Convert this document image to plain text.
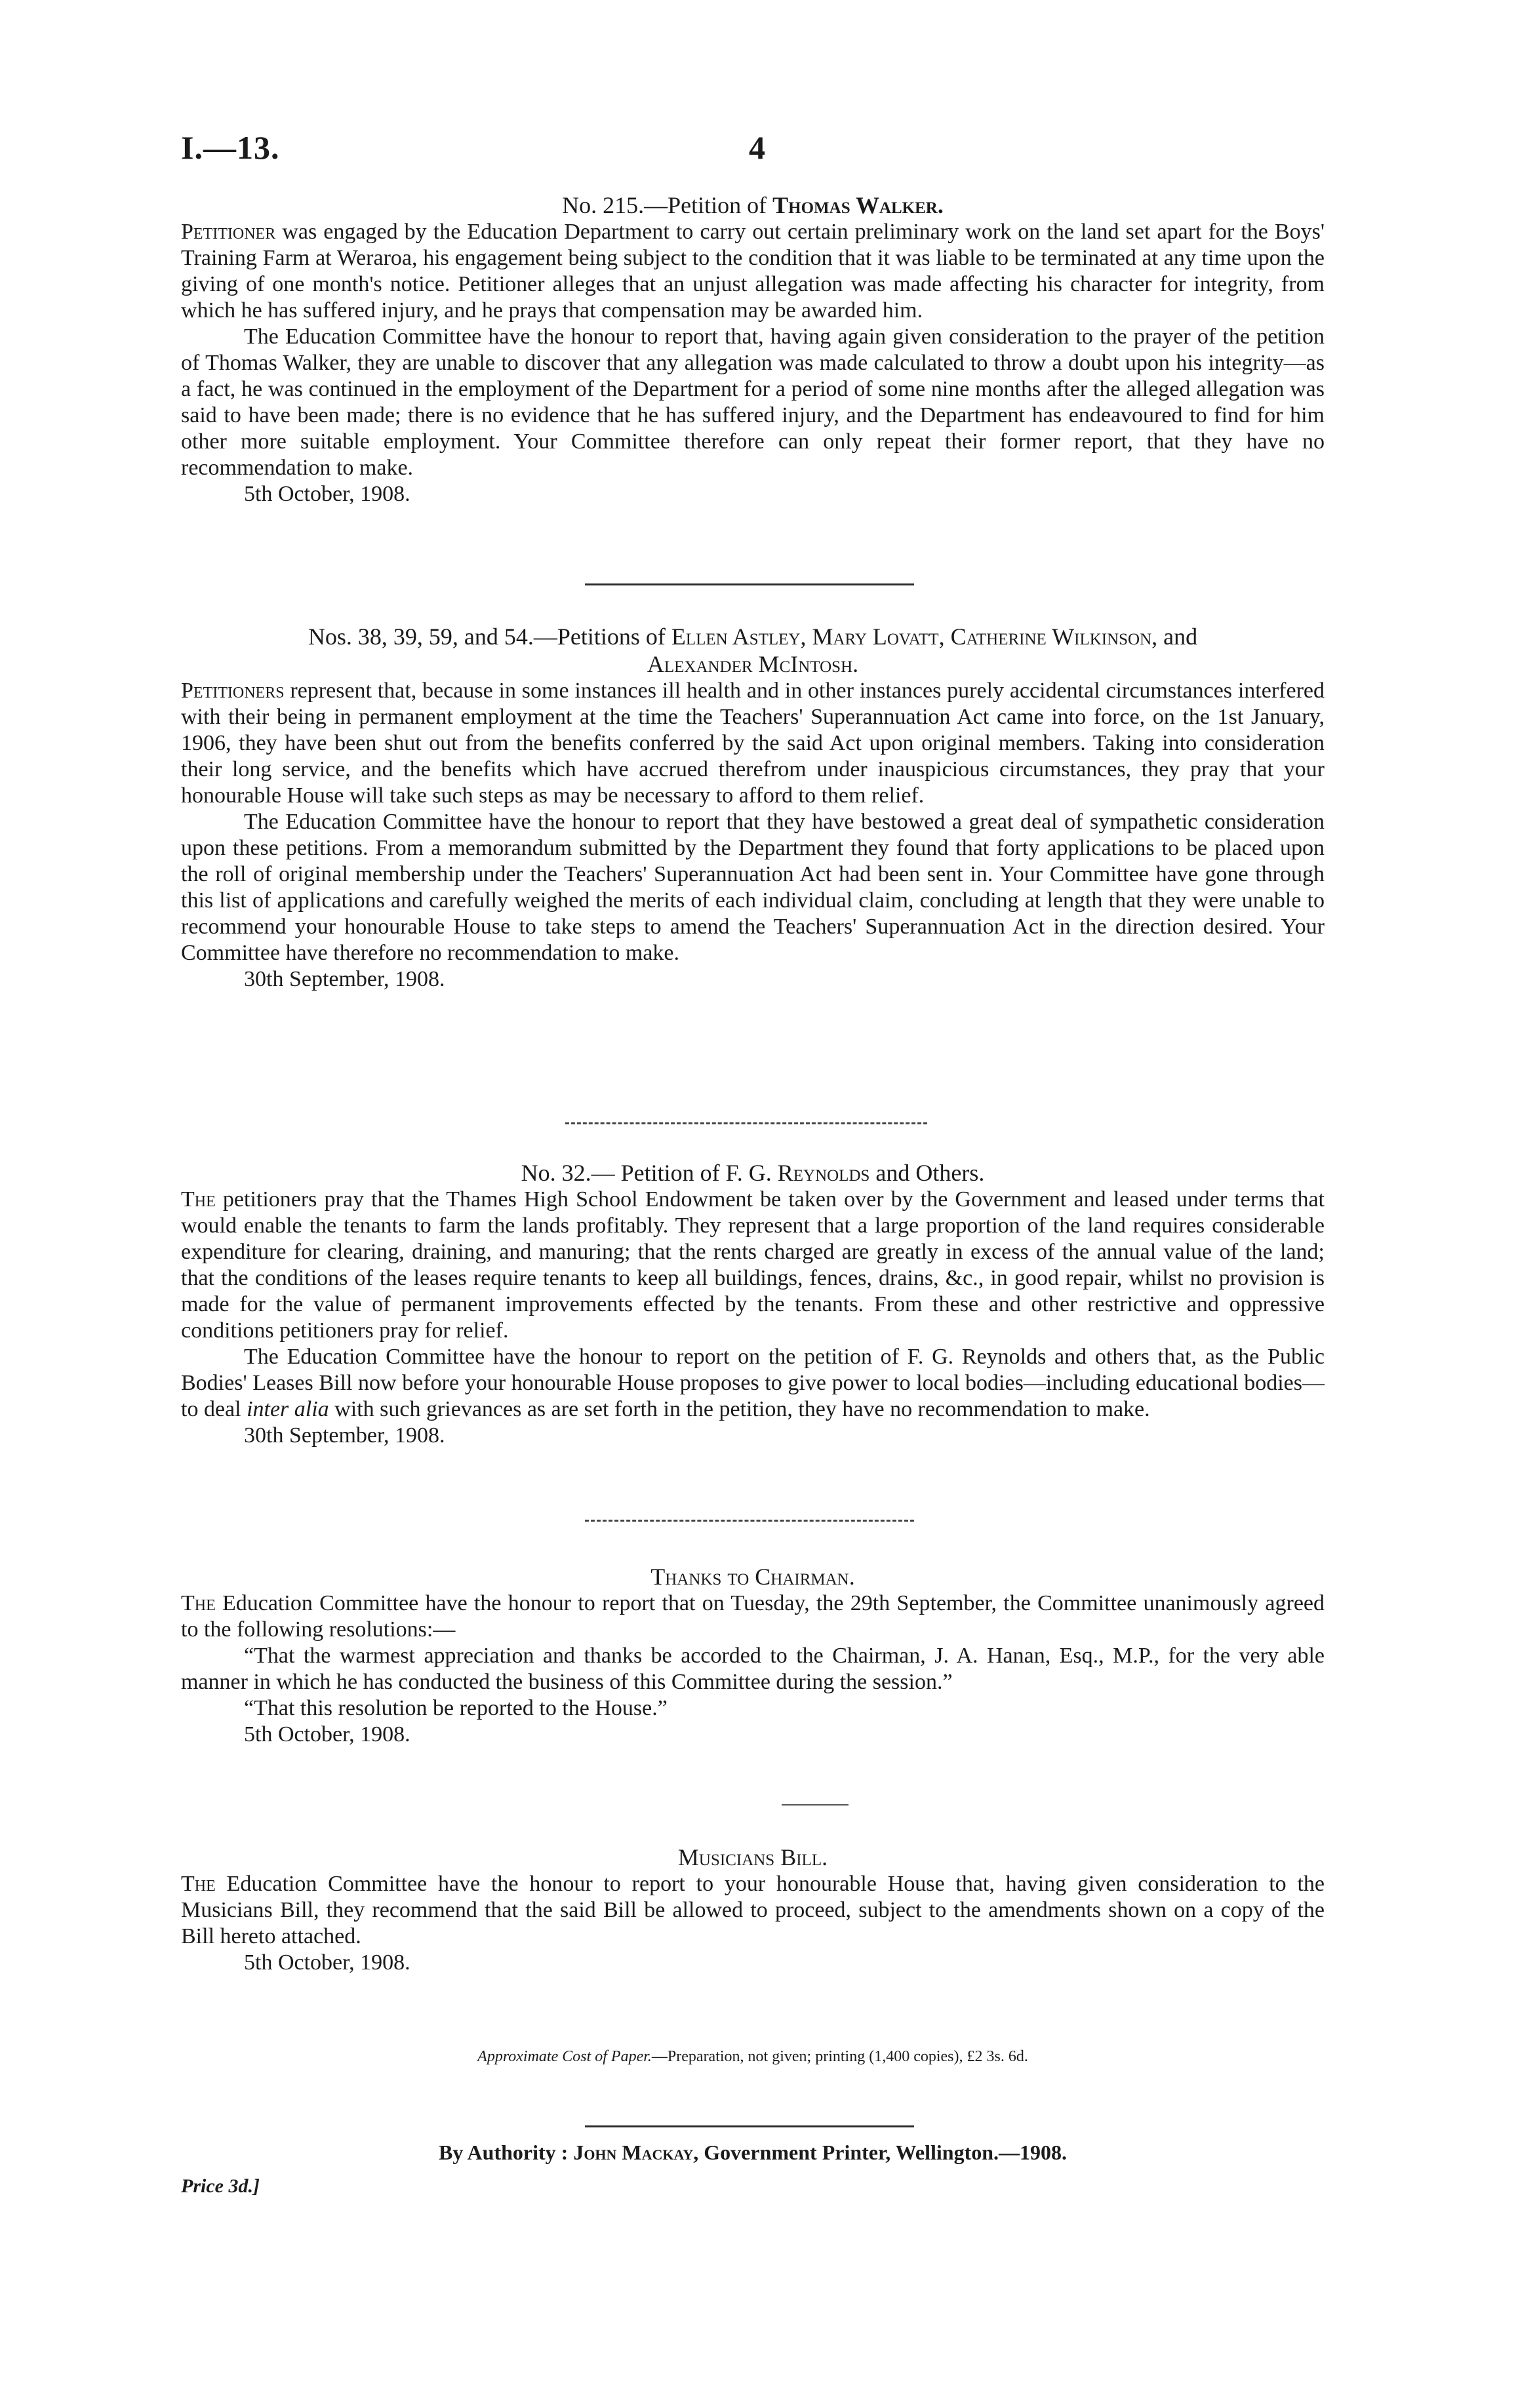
I.—13.	4
No. 215.—Petition of Thomas Walker.

Petitioner was engaged by the Education Department to carry out certain preliminary work on the land set apart for the Boys' Training Farm at Weraroa, his engagement being subject to the condition that it was liable to be terminated at any time upon the giving of one month's notice. Petitioner alleges that an unjust allegation was made affecting his character for integrity, from which he has suffered injury, and he prays that compensation may be awarded him.

The Education Committee have the honour to report that, having again given consideration to the prayer of the petition of Thomas Walker, they are unable to discover that any allegation was made calculated to throw a doubt upon his integrity—as a fact, he was continued in the employment of the Department for a period of some nine months after the alleged allegation was said to have been made; there is no evidence that he has suffered injury, and the Department has endeavoured to find for him other more suitable employment. Your Committee therefore can only repeat their former report, that they have no recommendation to make.

5th October, 1908.
Nos. 38, 39, 59, and 54.—Petitions of Ellen Astley, Mary Lovatt, Catherine Wilkinson, and
Alexander McIntosh.

Petitioners represent that, because in some instances ill health and in other instances purely accidental circumstances interfered with their being in permanent employment at the time the Teachers' Superannuation Act came into force, on the 1st January, 1906, they have been shut out from the benefits conferred by the said Act upon original members. Taking into consideration their long service, and the benefits which have accrued therefrom under inauspicious circumstances, they pray that your honourable House will take such steps as may be necessary to afford to them relief.

The Education Committee have the honour to report that they have bestowed a great deal of sympathetic consideration upon these petitions. From a memorandum submitted by the Department they found that forty applications to be placed upon the roll of original membership under the Teachers' Superannuation Act had been sent in. Your Committee have gone through this list of applications and carefully weighed the merits of each individual claim, concluding at length that they were unable to recommend your honourable House to take steps to amend the Teachers' Superannuation Act in the direction desired. Your Committee have therefore no recommendation to make.

30th September, 1908.
No. 32.— Petition of F. G. Reynolds and Others.

The petitioners pray that the Thames High School Endowment be taken over by the Government and leased under terms that would enable the tenants to farm the lands profitably. They represent that a large proportion of the land requires considerable expenditure for clearing, draining, and manuring; that the rents charged are greatly in excess of the annual value of the land; that the conditions of the leases require tenants to keep all buildings, fences, drains, &c., in good repair, whilst no provision is made for the value of permanent improvements effected by the tenants. From these and other restrictive and oppressive conditions petitioners pray for relief.

The Education Committee have the honour to report on the petition of F. G. Reynolds and others that, as the Public Bodies' Leases Bill now before your honourable House proposes to give power to local bodies—including educational bodies—to deal inter alia with such grievances as are set forth in the petition, they have no recommendation to make.

30th September, 1908.
Thanks to Chairman.

The Education Committee have the honour to report that on Tuesday, the 29th September, the Committee unanimously agreed to the following resolutions:—

“That the warmest appreciation and thanks be accorded to the Chairman, J. A. Hanan, Esq., M.P., for the very able manner in which he has conducted the business of this Committee during the session.”

“That this resolution be reported to the House.”

5th October, 1908.
Musicians Bill.

The Education Committee have the honour to report to your honourable House that, having given consideration to the Musicians Bill, they recommend that the said Bill be allowed to proceed, subject to the amendments shown on a copy of the Bill hereto attached.

5th October, 1908.
Approximate Cost of Paper.—Preparation, not given; printing (1,400 copies), £2 3s. 6d.
By Authority : John Mackay, Government Printer, Wellington.—1908.
Price 3d.]
